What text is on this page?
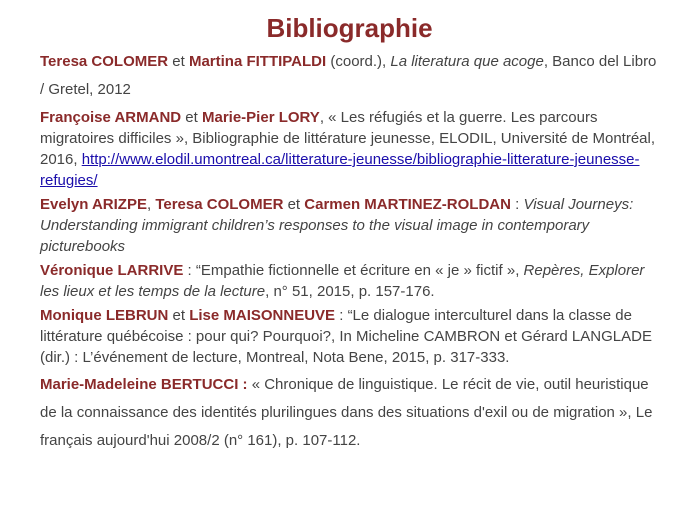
Bibliographie
Teresa COLOMER et Martina FITTIPALDI (coord.), La literatura que acoge, Banco del Libro / Gretel, 2012
Françoise ARMAND et Marie-Pier LORY, « Les réfugiés et la guerre. Les parcours migratoires difficiles », Bibliographie de littérature jeunesse, ELODIL, Université de Montréal, 2016, http://www.elodil.umontreal.ca/litterature-jeunesse/bibliographie-litterature-jeunesse-refugies/
Evelyn ARIZPE, Teresa COLOMER et Carmen MARTINEZ-ROLDAN : Visual Journeys: Understanding immigrant children’s responses to the visual image in contemporary picturebooks
Véronique LARRIVE : “Empathie fictionnelle et écriture en « je » fictif », Repères, Explorer les lieux et les temps de la lecture, n° 51, 2015, p. 157-176.
Monique LEBRUN et Lise MAISONNEUVE : “Le dialogue interculturel dans la classe de littérature québécoise : pour qui? Pourquoi?, In Micheline CAMBRON et Gérard LANGLADE (dir.) : L’événement de lecture, Montreal, Nota Bene, 2015, p. 317-333.
Marie-Madeleine BERTUCCI : « Chronique de linguistique. Le récit de vie, outil heuristique de la connaissance des identités plurilingues dans des situations d'exil ou de migration », Le français aujourd'hui 2008/2 (n° 161), p. 107-112.
